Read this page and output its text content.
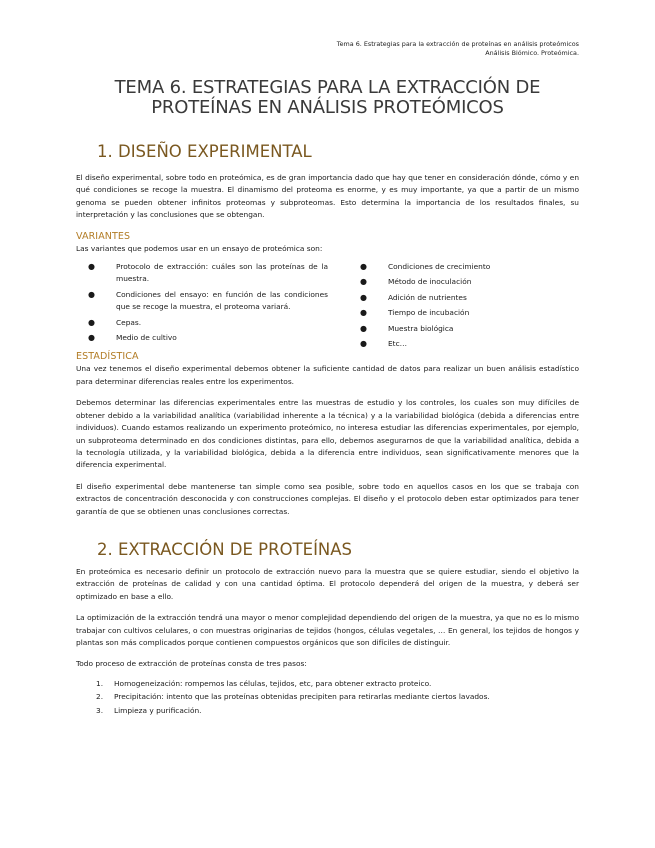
Tema 6. Estrategias para la extracción de proteínas en análisis proteómicos
Análisis Biómico. Proteómica.
TEMA 6. ESTRATEGIAS PARA LA EXTRACCIÓN DE
PROTEÍNAS EN ANÁLISIS PROTEÓMICOS
1. DISEÑO EXPERIMENTAL

El diseño experimental, sobre todo en proteómica, es de gran importancia dado que hay que tener en consideración dónde, cómo y en qué condiciones se recoge la muestra. El dinamismo del proteoma es enorme, y es muy importante, ya que a partir de un mismo genoma se pueden obtener infinitos proteomas y subproteomas. Esto determina la importancia de los resultados finales, su interpretación y las conclusiones que se obtengan.

VARIANTES

Las variantes que podemos usar en un ensayo de proteómica son:

●	Protocolo de extracción: cuáles son las proteínas de la muestra.
●	Condiciones del ensayo: en función de las condiciones que se recoge la muestra, el proteoma variará.
●	Cepas.
●	Medio de cultivo
●	Condiciones de crecimiento
●	Método de inoculación
●	Adición de nutrientes
●	Tiempo de incubación
●	Muestra biológica
●	Etc…
ESTADÍSTICA

Una vez tenemos el diseño experimental debemos obtener la suficiente cantidad de datos para realizar un buen análisis estadístico para determinar diferencias reales entre los experimentos.

Debemos determinar las diferencias experimentales entre las muestras de estudio y los controles, los cuales son muy difíciles de obtener debido a la variabilidad analítica (variabilidad inherente a la técnica) y a la variabilidad biológica (debida a diferencias entre individuos). Cuando estamos realizando un experimento proteómico, no interesa estudiar las diferencias experimentales, por ejemplo, un subproteoma determinado en dos condiciones distintas, para ello, debemos asegurarnos de que la variabilidad analítica, debida a la tecnología utilizada, y la variabilidad biológica, debida a la diferencia entre individuos, sean significativamente menores que la diferencia experimental.

El diseño experimental debe mantenerse tan simple como sea posible, sobre todo en aquellos casos en los que se trabaja con extractos de concentración desconocida y con construcciones complejas. El diseño y el protocolo deben estar optimizados para tener garantía de que se obtienen unas conclusiones correctas.

2. EXTRACCIÓN DE PROTEÍNAS

En proteómica es necesario definir un protocolo de extracción nuevo para la muestra que se quiere estudiar, siendo el objetivo la extracción de proteínas de calidad y con una cantidad óptima. El protocolo dependerá del origen de la muestra, y deberá ser optimizado en base a ello.

La optimización de la extracción tendrá una mayor o menor complejidad dependiendo del origen de la muestra, ya que no es lo mismo trabajar con cultivos celulares, o con muestras originarias de tejidos (hongos, células vegetales, … En general, los tejidos de hongos y plantas son más complicados porque contienen compuestos orgánicos que son difíciles de distinguir.

Todo proceso de extracción de proteínas consta de tres pasos:

1. Homogeneización: rompemos las células, tejidos, etc, para obtener extracto proteico.
2. Precipitación: intento que las proteínas obtenidas precipiten para retirarlas mediante ciertos lavados.
3. Limpieza y purificación.
